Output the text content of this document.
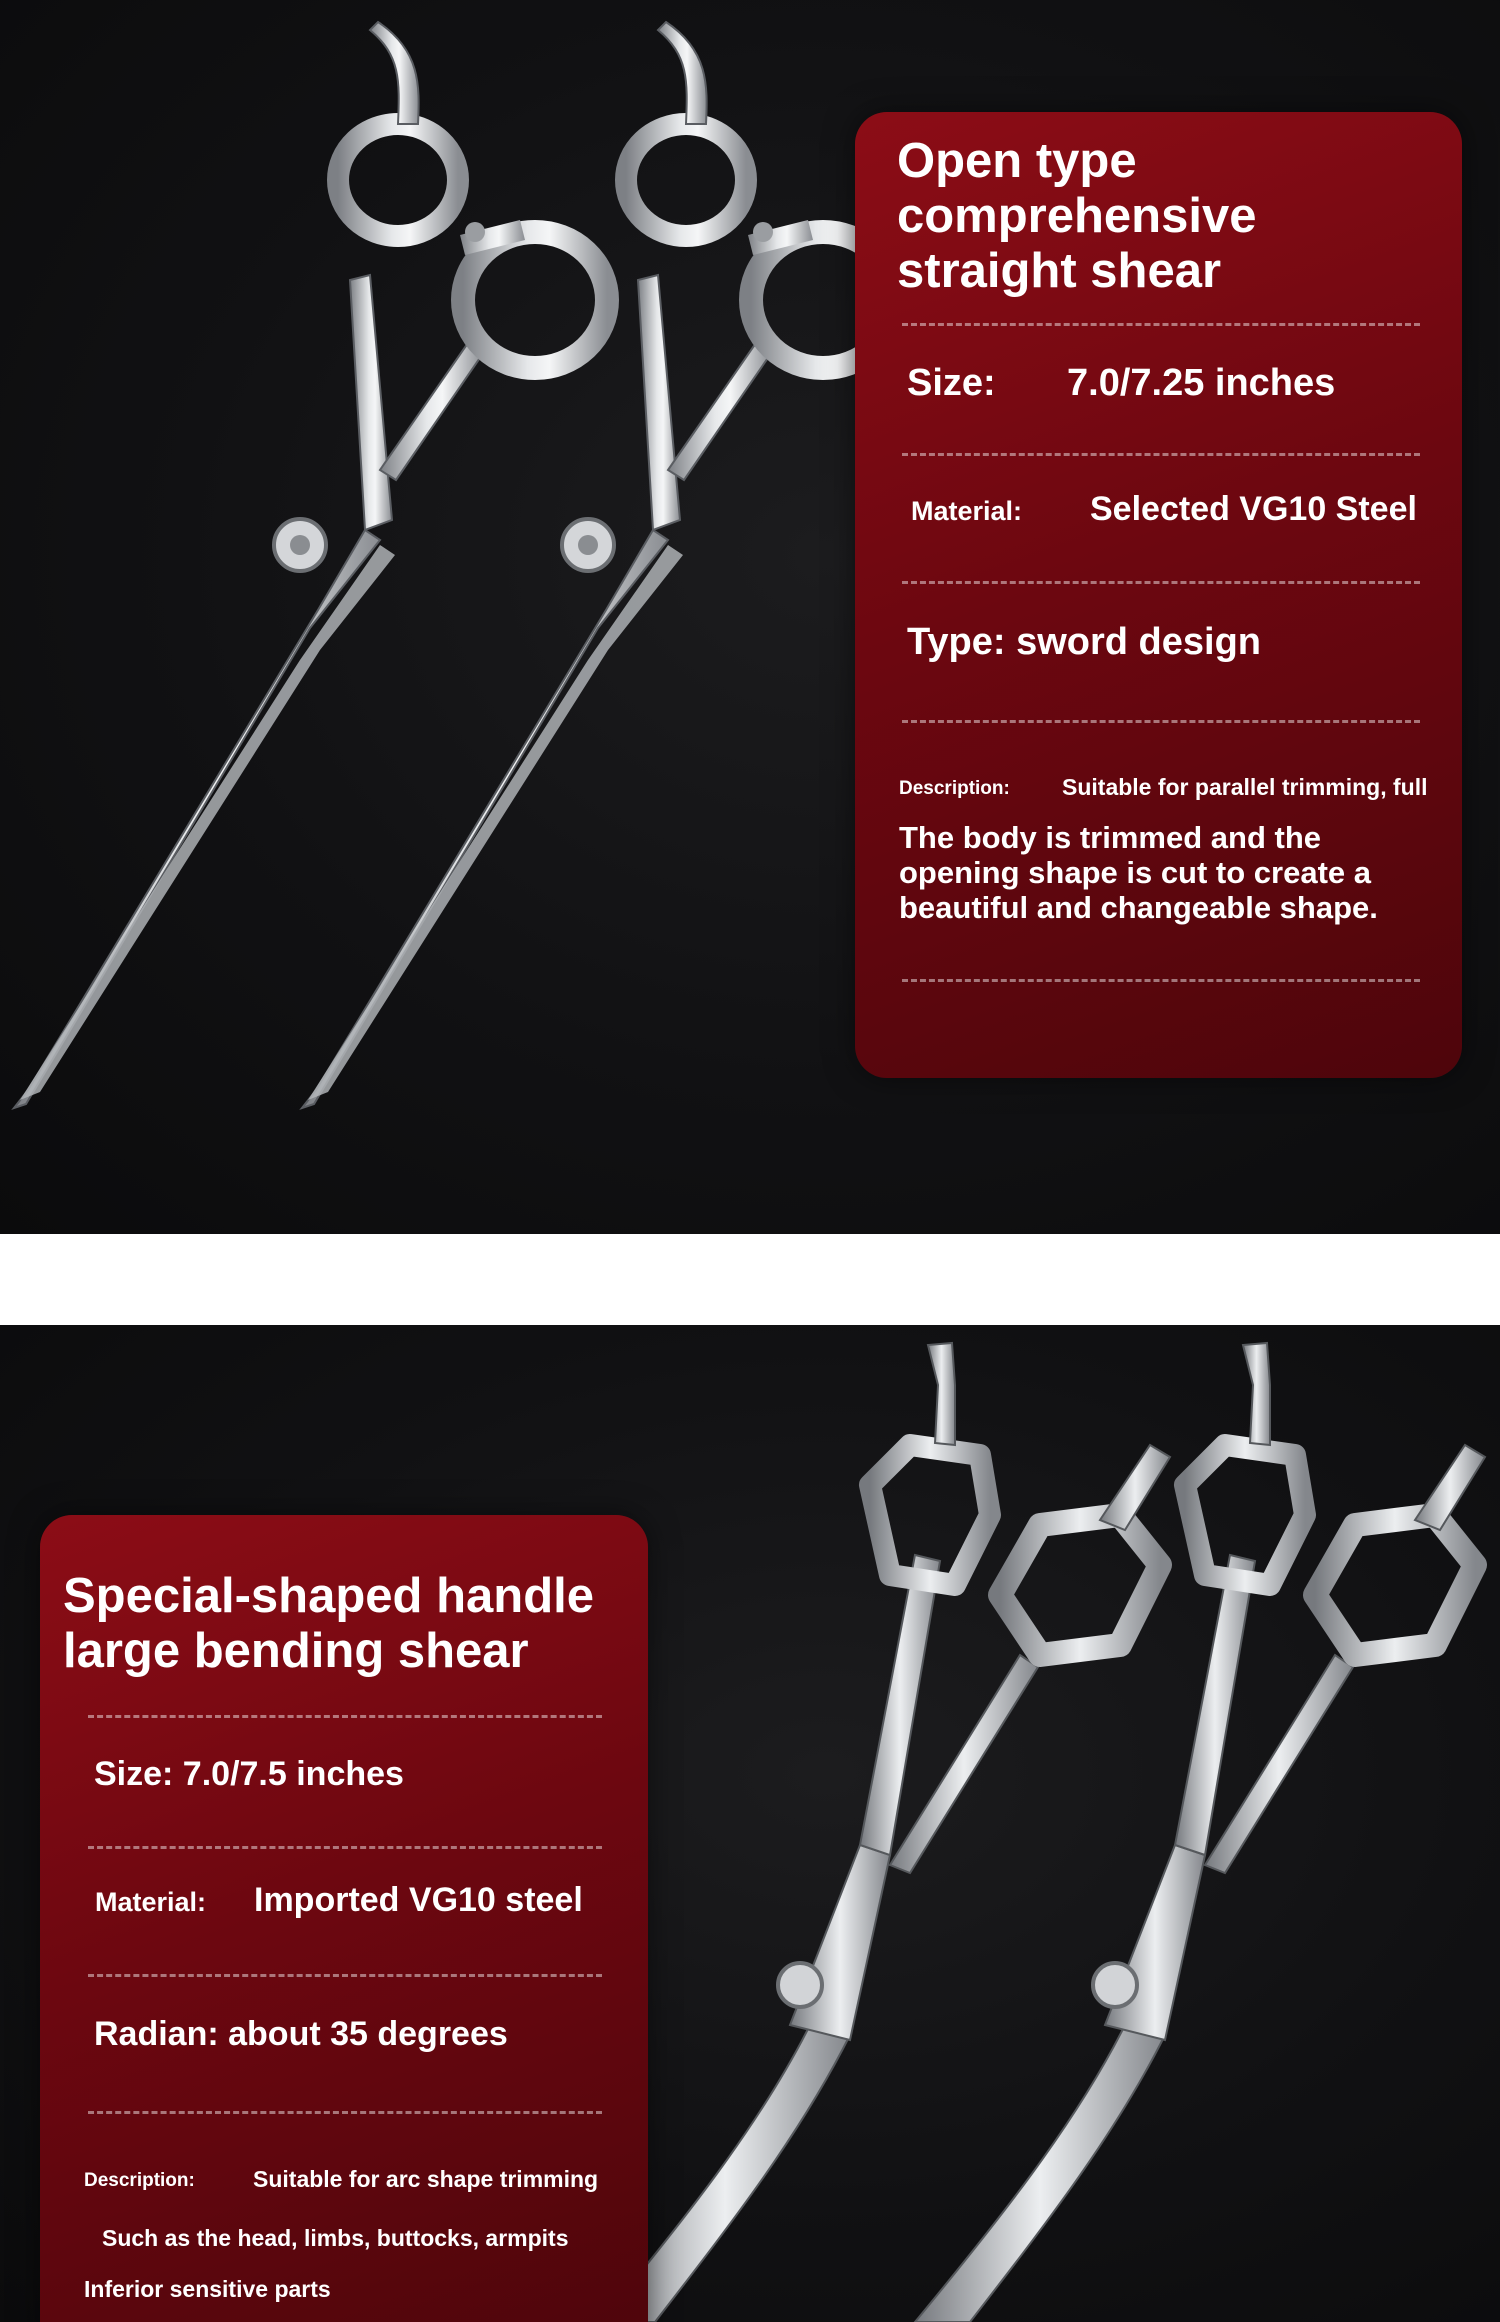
Open type comprehensive straight shear
Size: 7.0/7.25 inches
Material: Selected VG10 Steel
Type: sword design
Description: Suitable for parallel trimming, full
The body is trimmed and the opening shape is cut to create a beautiful and changeable shape.
Special-shaped handle large bending shear
Size: 7.0/7.5 inches
Material: Imported VG10 steel
Radian: about 35 degrees
Description:	Suitable for arc shape trimming
Such as the head, limbs, buttocks, armpits
Inferior sensitive parts
